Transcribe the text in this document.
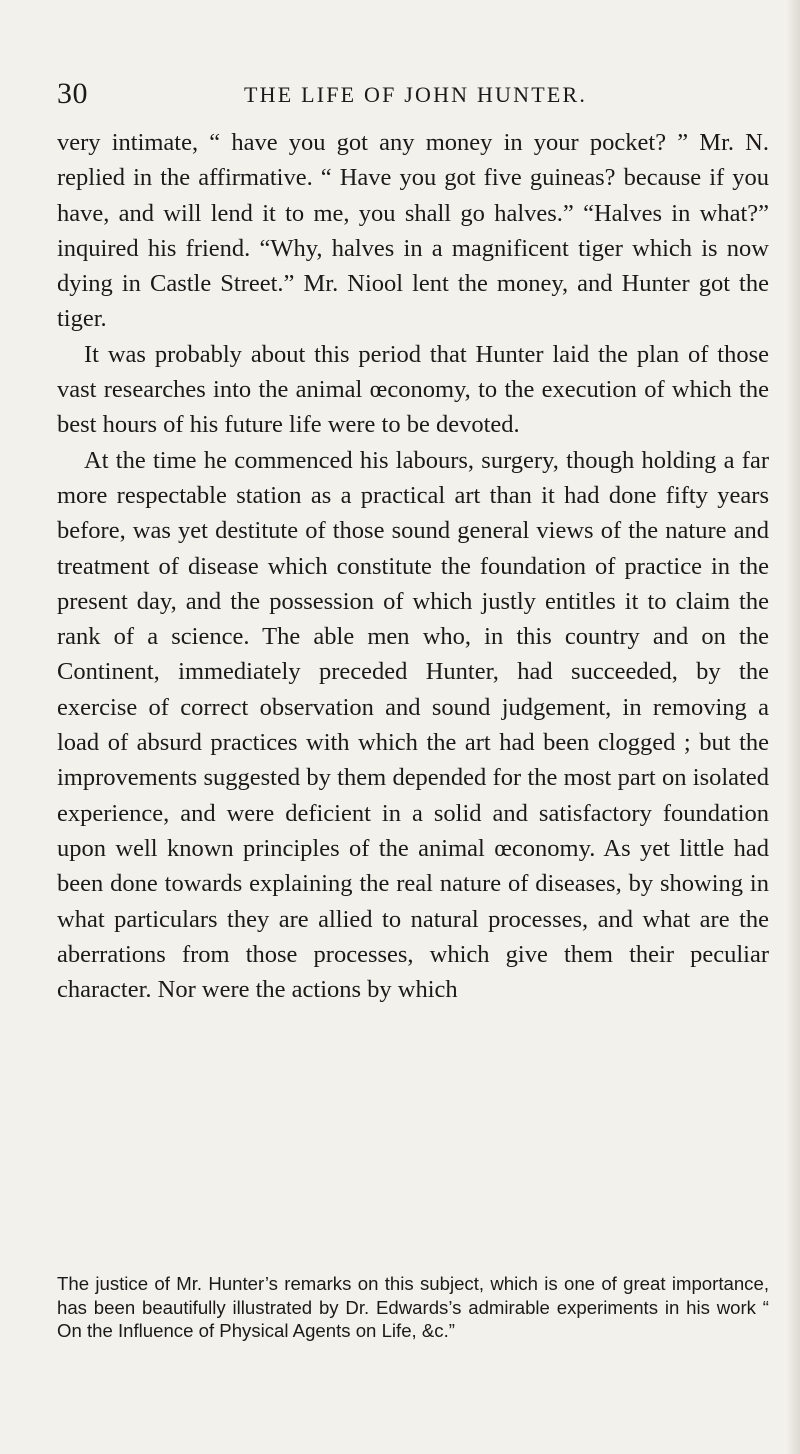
30	THE LIFE OF JOHN HUNTER.

very intimate, “ have you got any money in your pocket? ” Mr. N. replied in the affirmative. “ Have you got five guineas? because if you have, and will lend it to me, you shall go halves.” “Halves in what?” inquired his friend. “Why, halves in a magnificent tiger which is now dying in Castle Street.” Mr. Niool lent the money, and Hunter got the tiger.

It was probably about this period that Hunter laid the plan of those vast researches into the animal œconomy, to the execution of which the best hours of his future life were to be devoted.

At the time he commenced his labours, surgery, though holding a far more respectable station as a practical art than it had done fifty years before, was yet destitute of those sound general views of the nature and treatment of disease which constitute the foundation of practice in the present day, and the possession of which justly entitles it to claim the rank of a science. The able men who, in this country and on the Continent, immediately preceded Hunter, had succeeded, by the exercise of correct observation and sound judgement, in removing a load of absurd practices with which the art had been clogged ; but the improvements suggested by them depended for the most part on isolated experience, and were deficient in a solid and satisfactory foundation upon well known principles of the animal œconomy. As yet little had been done towards explaining the real nature of diseases, by showing in what particulars they are allied to natural processes, and what are the aberrations from those processes, which give them their peculiar character. Nor were the actions by which

The justice of Mr. Hunter’s remarks on this subject, which is one of great importance, has been beautifully illustrated by Dr. Edwards’s admirable experiments in his work “ On the Influence of Physical Agents on Life, &c.”
